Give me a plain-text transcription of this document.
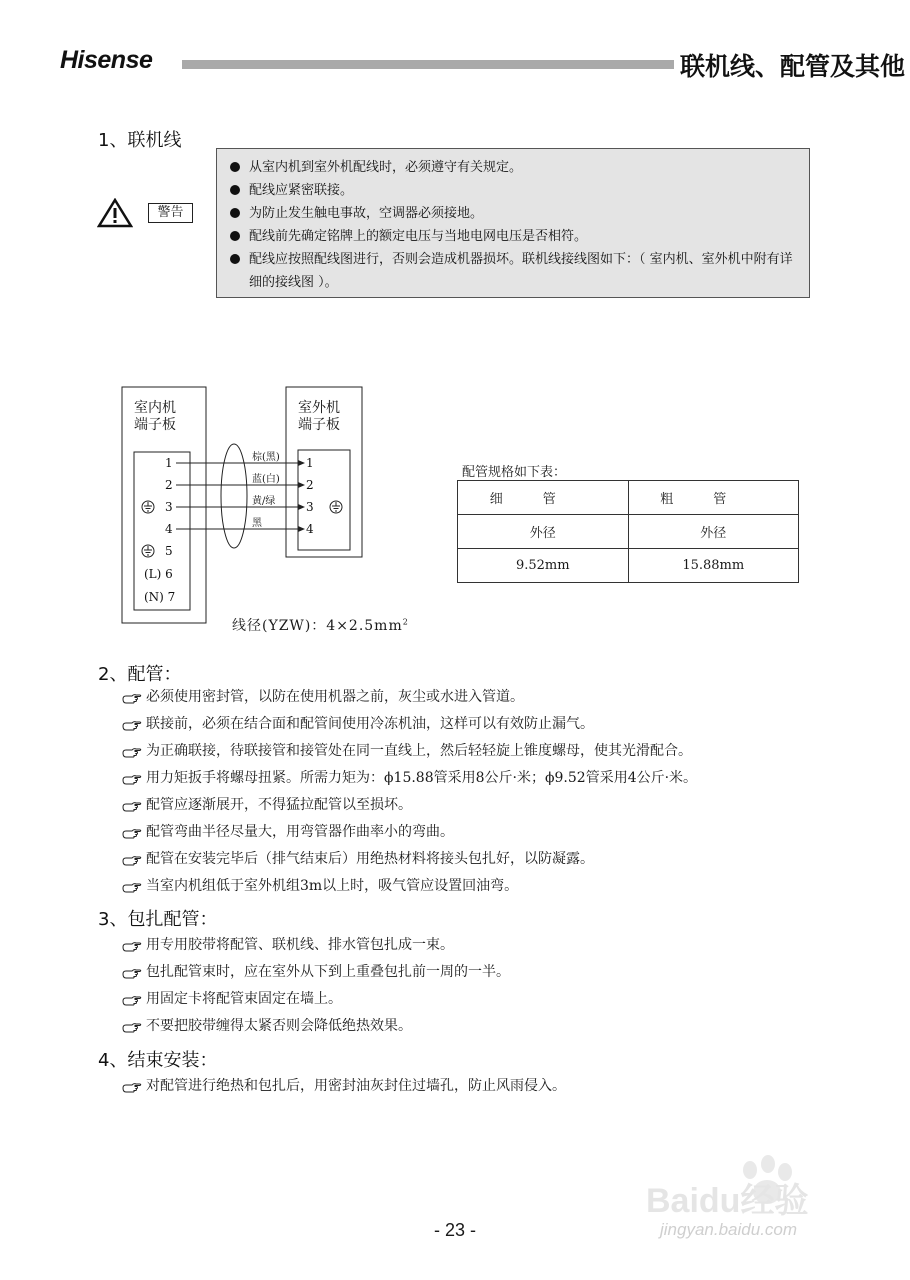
Hisense	联机线、配管及其他
1、联机线
警告
从室内机到室外机配线时，必须遵守有关规定。
配线应紧密联接。
为防止发生触电事故，空调器必须接地。
配线前先确定铭牌上的额定电压与当地电网电压是否相符。
配线应按照配线图进行，否则会造成机器损坏。联机线接线图如下：（ 室内机、室外机中附有详细的接线图 ）。
室内机
端子板
1
2
3
4
5
(L) 6
(N) 7
室外机
端子板
1
2
3
4
棕(黑)
蓝(白)
黄/绿
黑
线径(YZW)：$4\times 2.5mm^2$
配管规格如下表：
细管	粗管
外径	外径
9.52mm	15.88mm
2、配管：
必须使用密封管，以防在使用机器之前，灰尘或水进入管道。
联接前，必须在结合面和配管间使用冷冻机油，这样可以有效防止漏气。
为正确联接，待联接管和接管处在同一直线上，然后轻轻旋上锥度螺母，使其光滑配合。
用力矩扳手将螺母扭紧。所需力矩为：ϕ15.88管采用8公斤·米；ϕ9.52管采用4公斤·米。
配管应逐渐展开，不得猛拉配管以至损坏。
配管弯曲半径尽量大，用弯管器作曲率小的弯曲。
配管在安装完毕后（排气结束后）用绝热材料将接头包扎好，以防凝露。
当室内机组低于室外机组3m以上时，吸气管应设置回油弯。
3、包扎配管：
用专用胶带将配管、联机线、排水管包扎成一束。
包扎配管束时，应在室外从下到上重叠包扎前一周的一半。
用固定卡将配管束固定在墙上。
不要把胶带缠得太紧否则会降低绝热效果。
4、结束安装：
对配管进行绝热和包扎后，用密封油灰封住过墙孔，防止风雨侵入。
Baidu经验
jingyan.baidu.com
- 23 -
